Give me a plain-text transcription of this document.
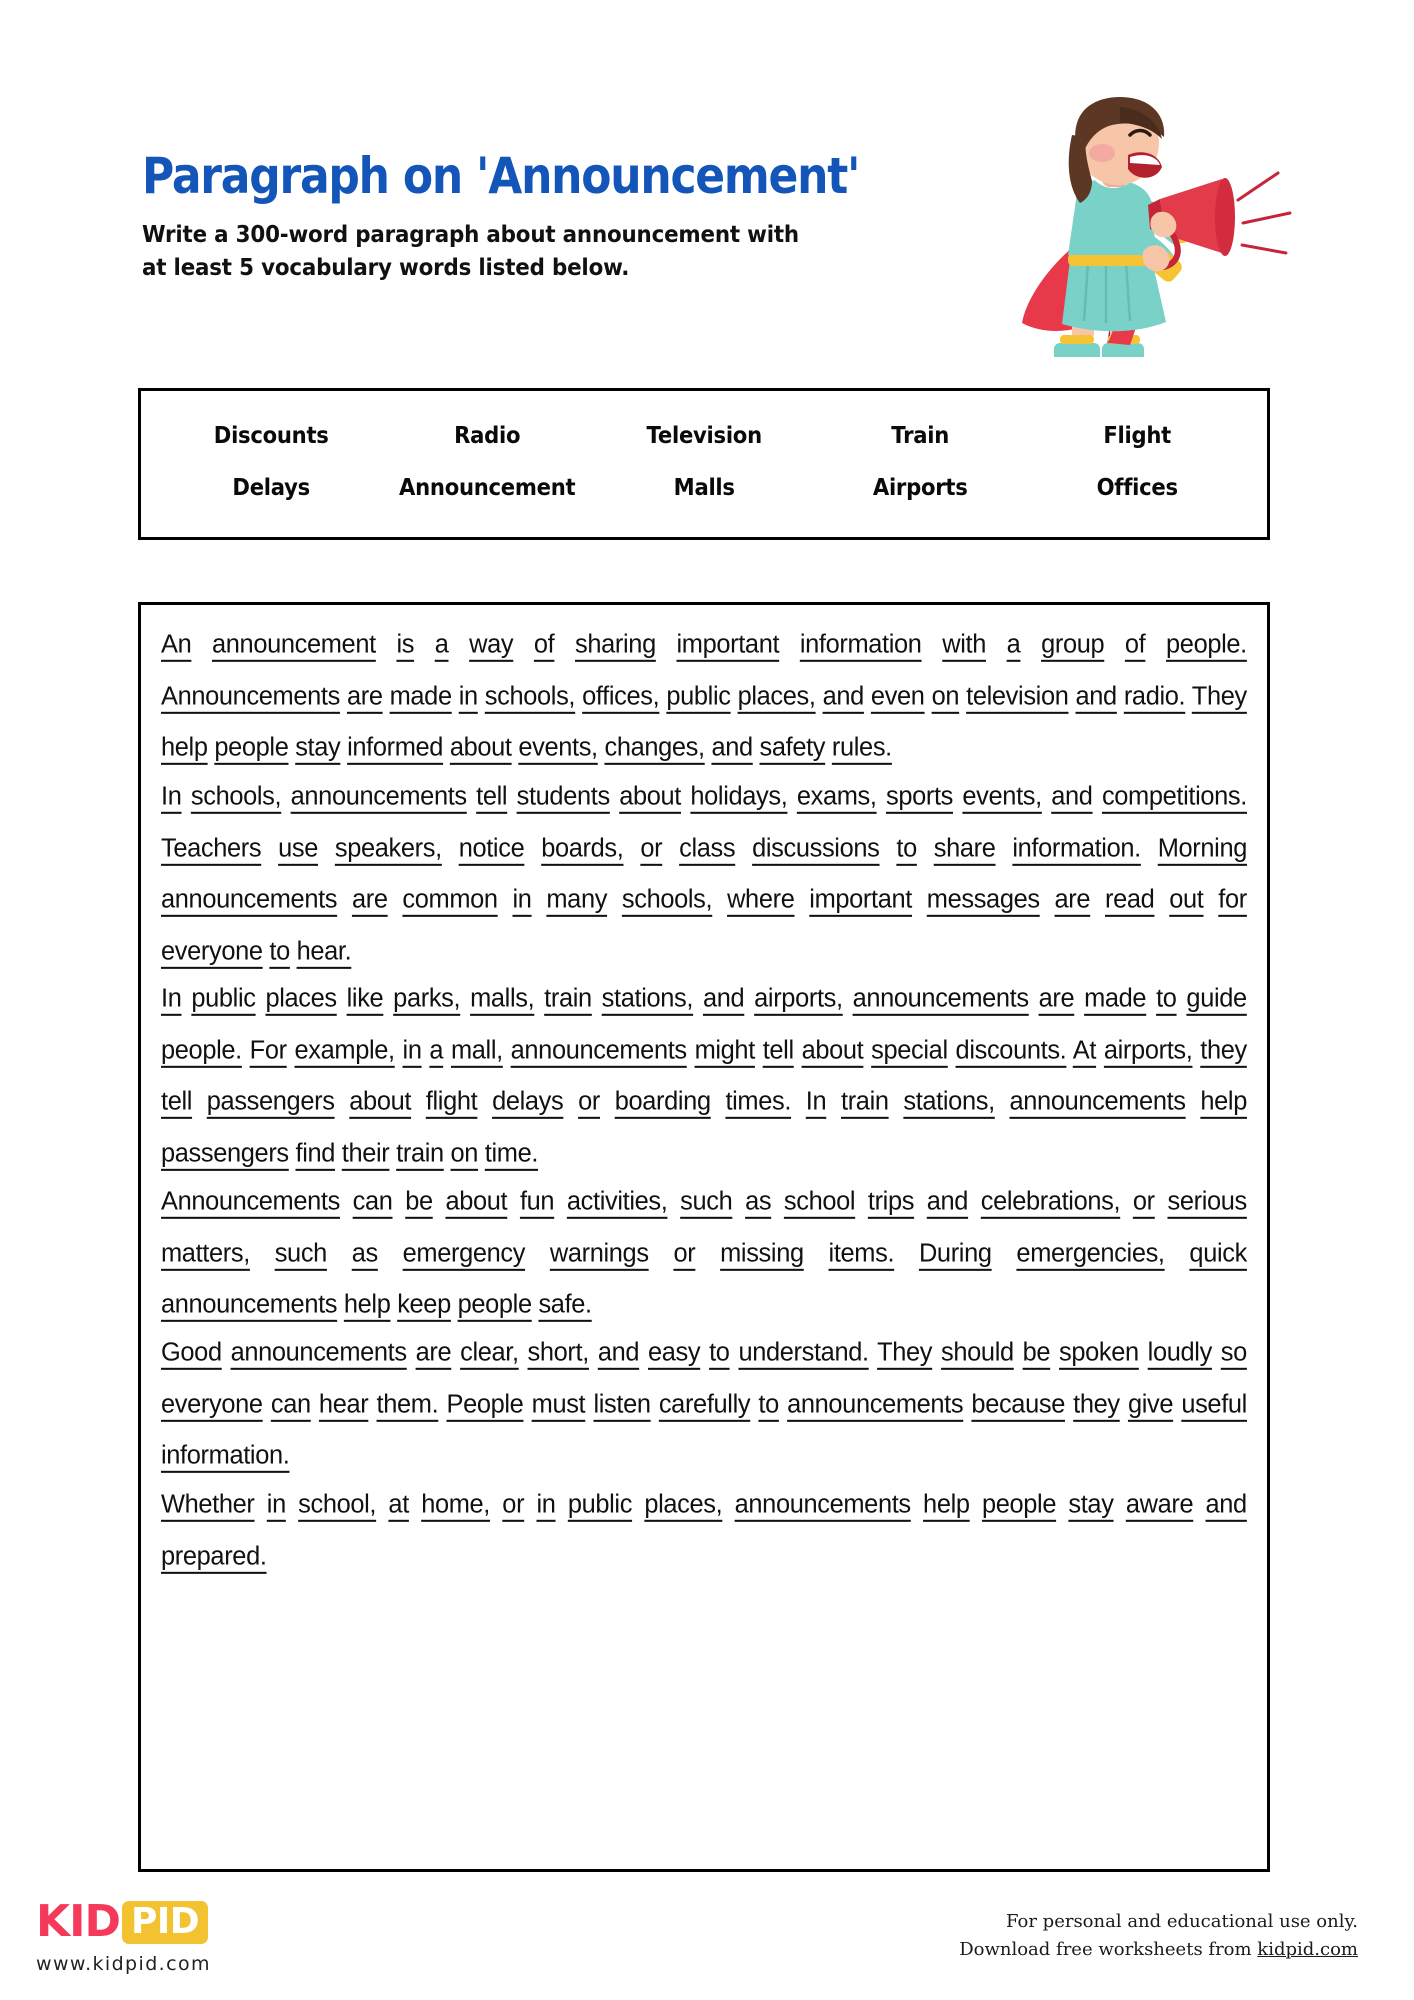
Paragraph on 'Announcement'
Write a 300-word paragraph about announcement with
at least 5 vocabulary words listed below.
Discounts	Radio	Television	Train	Flight
Delays	Announcement	Malls	Airports	Offices

An announcement is a way of sharing important information with a group of people. Announcements are made in schools, offices, public places, and even on television and radio. They help people stay informed about events, changes, and safety rules.

In schools, announcements tell students about holidays, exams, sports events, and competitions. Teachers use speakers, notice boards, or class discussions to share information. Morning announcements are common in many schools, where important messages are read out for everyone to hear.

In public places like parks, malls, train stations, and airports, announcements are made to guide people. For example, in a mall, announcements might tell about special discounts. At airports, they tell passengers about flight delays or boarding times. In train stations, announcements help passengers find their train on time.

Announcements can be about fun activities, such as school trips and celebrations, or serious matters, such as emergency warnings or missing items. During emergencies, quick announcements help keep people safe.

Good announcements are clear, short, and easy to understand. They should be spoken loudly so everyone can hear them. People must listen carefully to announcements because they give useful information.

Whether in school, at home, or in public places, announcements help people stay aware and prepared.

KID PID
www.kidpid.com
For personal and educational use only.
Download free worksheets from kidpid.com
